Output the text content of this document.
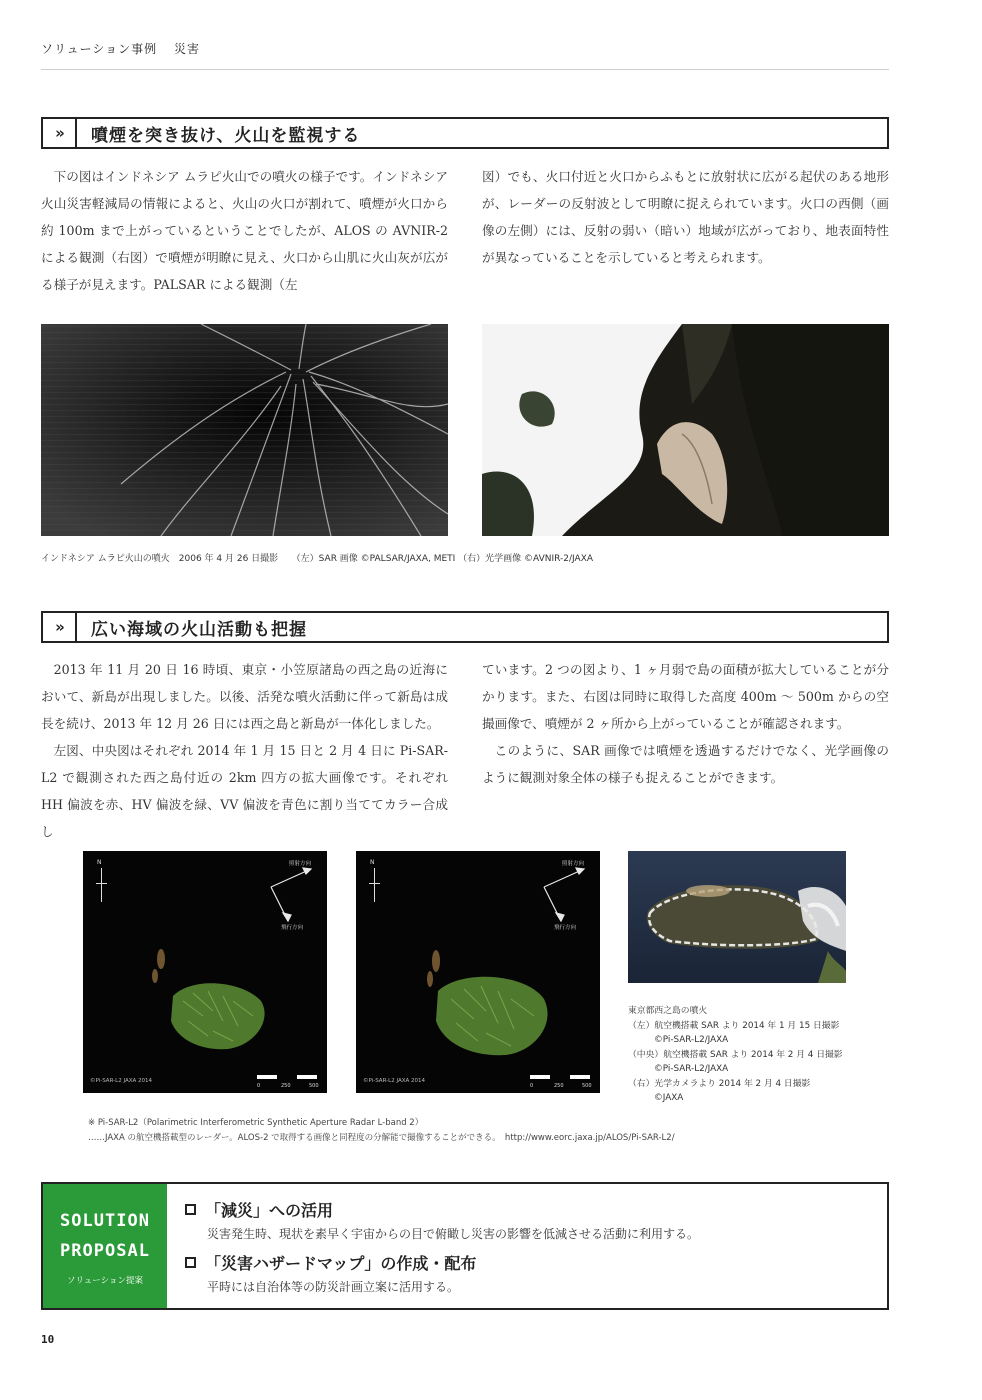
ソリューション事例 災害
»	噴煙を突き抜け、火山を監視する

下の図はインドネシア ムラピ火山での噴火の様子です。インドネシア火山災害軽減局の情報によると、火山の火口が割れて、噴煙が火口から約 100m まで上がっているということでしたが、ALOS の AVNIR-2 による観測（右図）で噴煙が明瞭に見え、火口から山肌に火山灰が広がる様子が見えます。PALSAR による観測（左

図）でも、火口付近と火口からふもとに放射状に広がる起伏のある地形が、レーダーの反射波として明瞭に捉えられています。火口の西側（画像の左側）には、反射の弱い（暗い）地域が広がっており、地表面特性が異なっていることを示していると考えられます。

インドネシア ムラピ火山の噴火　2006 年 4 月 26 日撮影　　（左）SAR 画像 ©PALSAR/JAXA, METI （右）光学画像 ©AVNIR-2/JAXA
»	広い海域の火山活動も把握

2013 年 11 月 20 日 16 時頃、東京・小笠原諸島の西之島の近海において、新島が出現しました。以後、活発な噴火活動に伴って新島は成長を続け、2013 年 12 月 26 日には西之島と新島が一体化しました。

左図、中央図はそれぞれ 2014 年 1 月 15 日と 2 月 4 日に Pi-SAR-L2 で観測された西之島付近の 2km 四方の拡大画像です。それぞれ HH 偏波を赤、HV 偏波を緑、VV 偏波を青色に割り当ててカラー合成し

ています。2 つの図より、1 ヶ月弱で島の面積が拡大していることが分かります。また、右図は同時に取得した高度 400m ～ 500m からの空撮画像で、噴煙が 2 ヶ所から上がっていることが確認されます。

このように、SAR 画像では噴煙を透過するだけでなく、光学画像のように観測対象全体の様子も捉えることができます。

N	照射方向
飛行方向
©Pi-SAR-L2 JAXA 2014
0	250	500
N	照射方向
飛行方向
©Pi-SAR-L2 JAXA 2014
0	250	500
東京都西之島の噴火
（左）航空機搭載 SAR より 2014 年 1 月 15 日撮影
©Pi-SAR-L2/JAXA
（中央）航空機搭載 SAR より 2014 年 2 月 4 日撮影
©Pi-SAR-L2/JAXA
（右）光学カメラより 2014 年 2 月 4 日撮影
©JAXA
※ Pi-SAR-L2（Polarimetric Interferometric Synthetic Aperture Radar L-band 2）
……JAXA の航空機搭載型のレーダー。ALOS-2 で取得する画像と同程度の分解能で撮像することができる。　http://www.eorc.jaxa.jp/ALOS/Pi-SAR-L2/
SOLUTION
PROPOSAL
ソリューション提案
「減災」への活用
災害発生時、現状を素早く宇宙からの目で俯瞰し災害の影響を低減させる活動に利用する。
「災害ハザードマップ」の作成・配布
平時には自治体等の防災計画立案に活用する。
10
